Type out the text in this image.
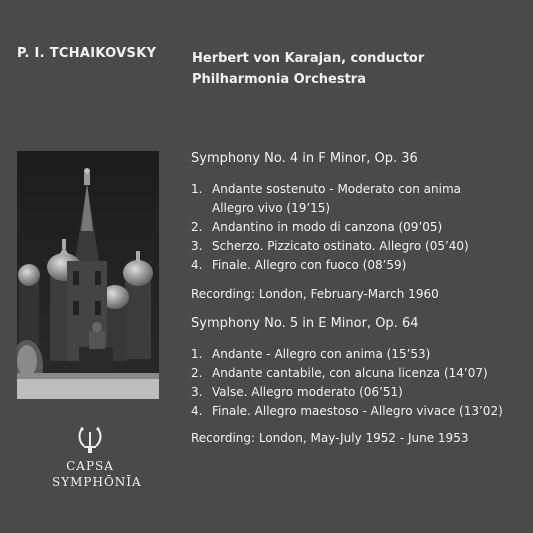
P. I. TCHAIKOVSKY	Herbert von Karajan, conductor
Philharmonia Orchestra
Symphony No. 4 in F Minor, Op. 36
1. Andante sostenuto - Moderato con anima
Allegro vivo (19’15)
2. Andantino in modo di canzona (09’05)
3. Scherzo. Pizzicato ostinato. Allegro (05’40)
4. Finale. Allegro con fuoco (08’59)
Recording: London, February-March 1960
Symphony No. 5 in E Minor, Op. 64
1. Andante - Allegro con anima (15’53)
2. Andante cantabile, con alcuna licenza (14’07)
3. Valse. Allegro moderato (06’51)
4. Finale. Allegro maestoso - Allegro vivace (13’02)
Recording: London, May-July 1952 - June 1953
CAPSA
SYMPHŌNĪA
